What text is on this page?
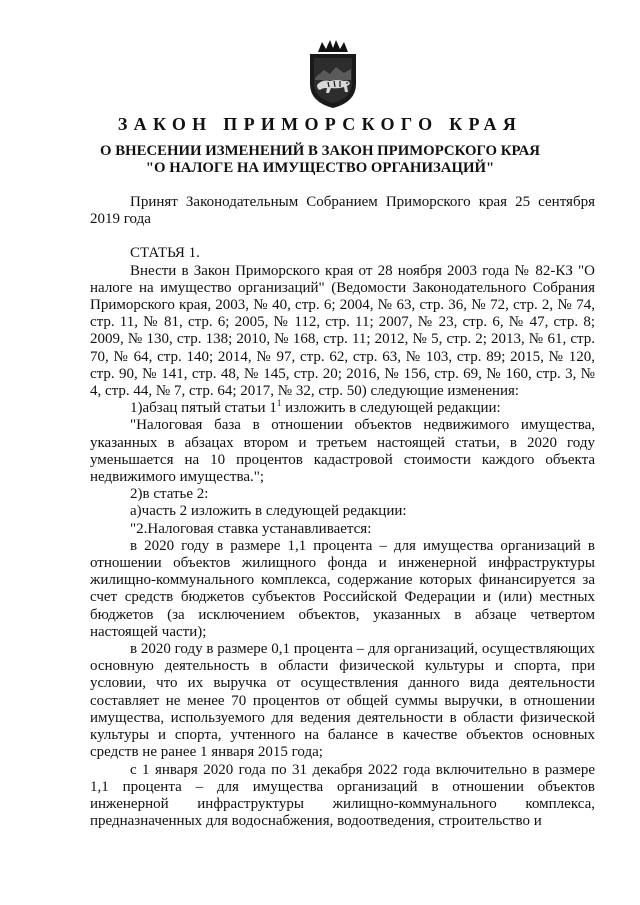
ЗАКОН ПРИМОРСКОГО КРАЯ
О ВНЕСЕНИИ ИЗМЕНЕНИЙ В ЗАКОН ПРИМОРСКОГО КРАЯ
"О НАЛОГЕ НА ИМУЩЕСТВО ОРГАНИЗАЦИЙ"

Принят Законодательным Собранием Приморского края 25 сентября 2019 года

СТАТЬЯ 1.

Внести в Закон Приморского края от 28 ноября 2003 года № 82-КЗ "О налоге на имущество организаций" (Ведомости Законодательного Собрания Приморского края, 2003, № 40, стр. 6; 2004, № 63, стр. 36, № 72, стр. 2, № 74, стр. 11, № 81, стр. 6; 2005, № 112, стр. 11; 2007, № 23, стр. 6, № 47, стр. 8; 2009, № 130, стр. 138; 2010, № 168, стр. 11; 2012, № 5, стр. 2; 2013, № 61, стр. 70, № 64, стр. 140; 2014, № 97, стр. 62, стр. 63, № 103, стр. 89; 2015, № 120, стр. 90, № 141, стр. 48, № 145, стр. 20; 2016, № 156, стр. 69, № 160, стр. 3, № 4, стр. 44, № 7, стр. 64; 2017, № 32, стр. 50) следующие изменения:

1)абзац пятый статьи $1^1$ изложить в следующей редакции:

"Налоговая база в отношении объектов недвижимого имущества, указанных в абзацах втором и третьем настоящей статьи, в 2020 году уменьшается на 10 процентов кадастровой стоимости каждого объекта недвижимого имущества.";

2)в статье 2:

а)часть 2 изложить в следующей редакции:

"2.Налоговая ставка устанавливается:

в 2020 году в размере 1,1 процента – для имущества организаций в отношении объектов жилищного фонда и инженерной инфраструктуры жилищно-коммунального комплекса, содержание которых финансируется за счет средств бюджетов субъектов Российской Федерации и (или) местных бюджетов (за исключением объектов, указанных в абзаце четвертом настоящей части);

в 2020 году в размере 0,1 процента – для организаций, осуществляющих основную деятельность в области физической культуры и спорта, при условии, что их выручка от осуществления данного вида деятельности составляет не менее 70 процентов от общей суммы выручки, в отношении имущества, используемого для ведения деятельности в области физической культуры и спорта, учтенного на балансе в качестве объектов основных средств не ранее 1 января 2015 года;

с 1 января 2020 года по 31 декабря 2022 года включительно в размере 1,1 процента – для имущества организаций в отношении объектов инженерной инфраструктуры жилищно-коммунального комплекса, предназначенных для водоснабжения, водоотведения, строительство и
